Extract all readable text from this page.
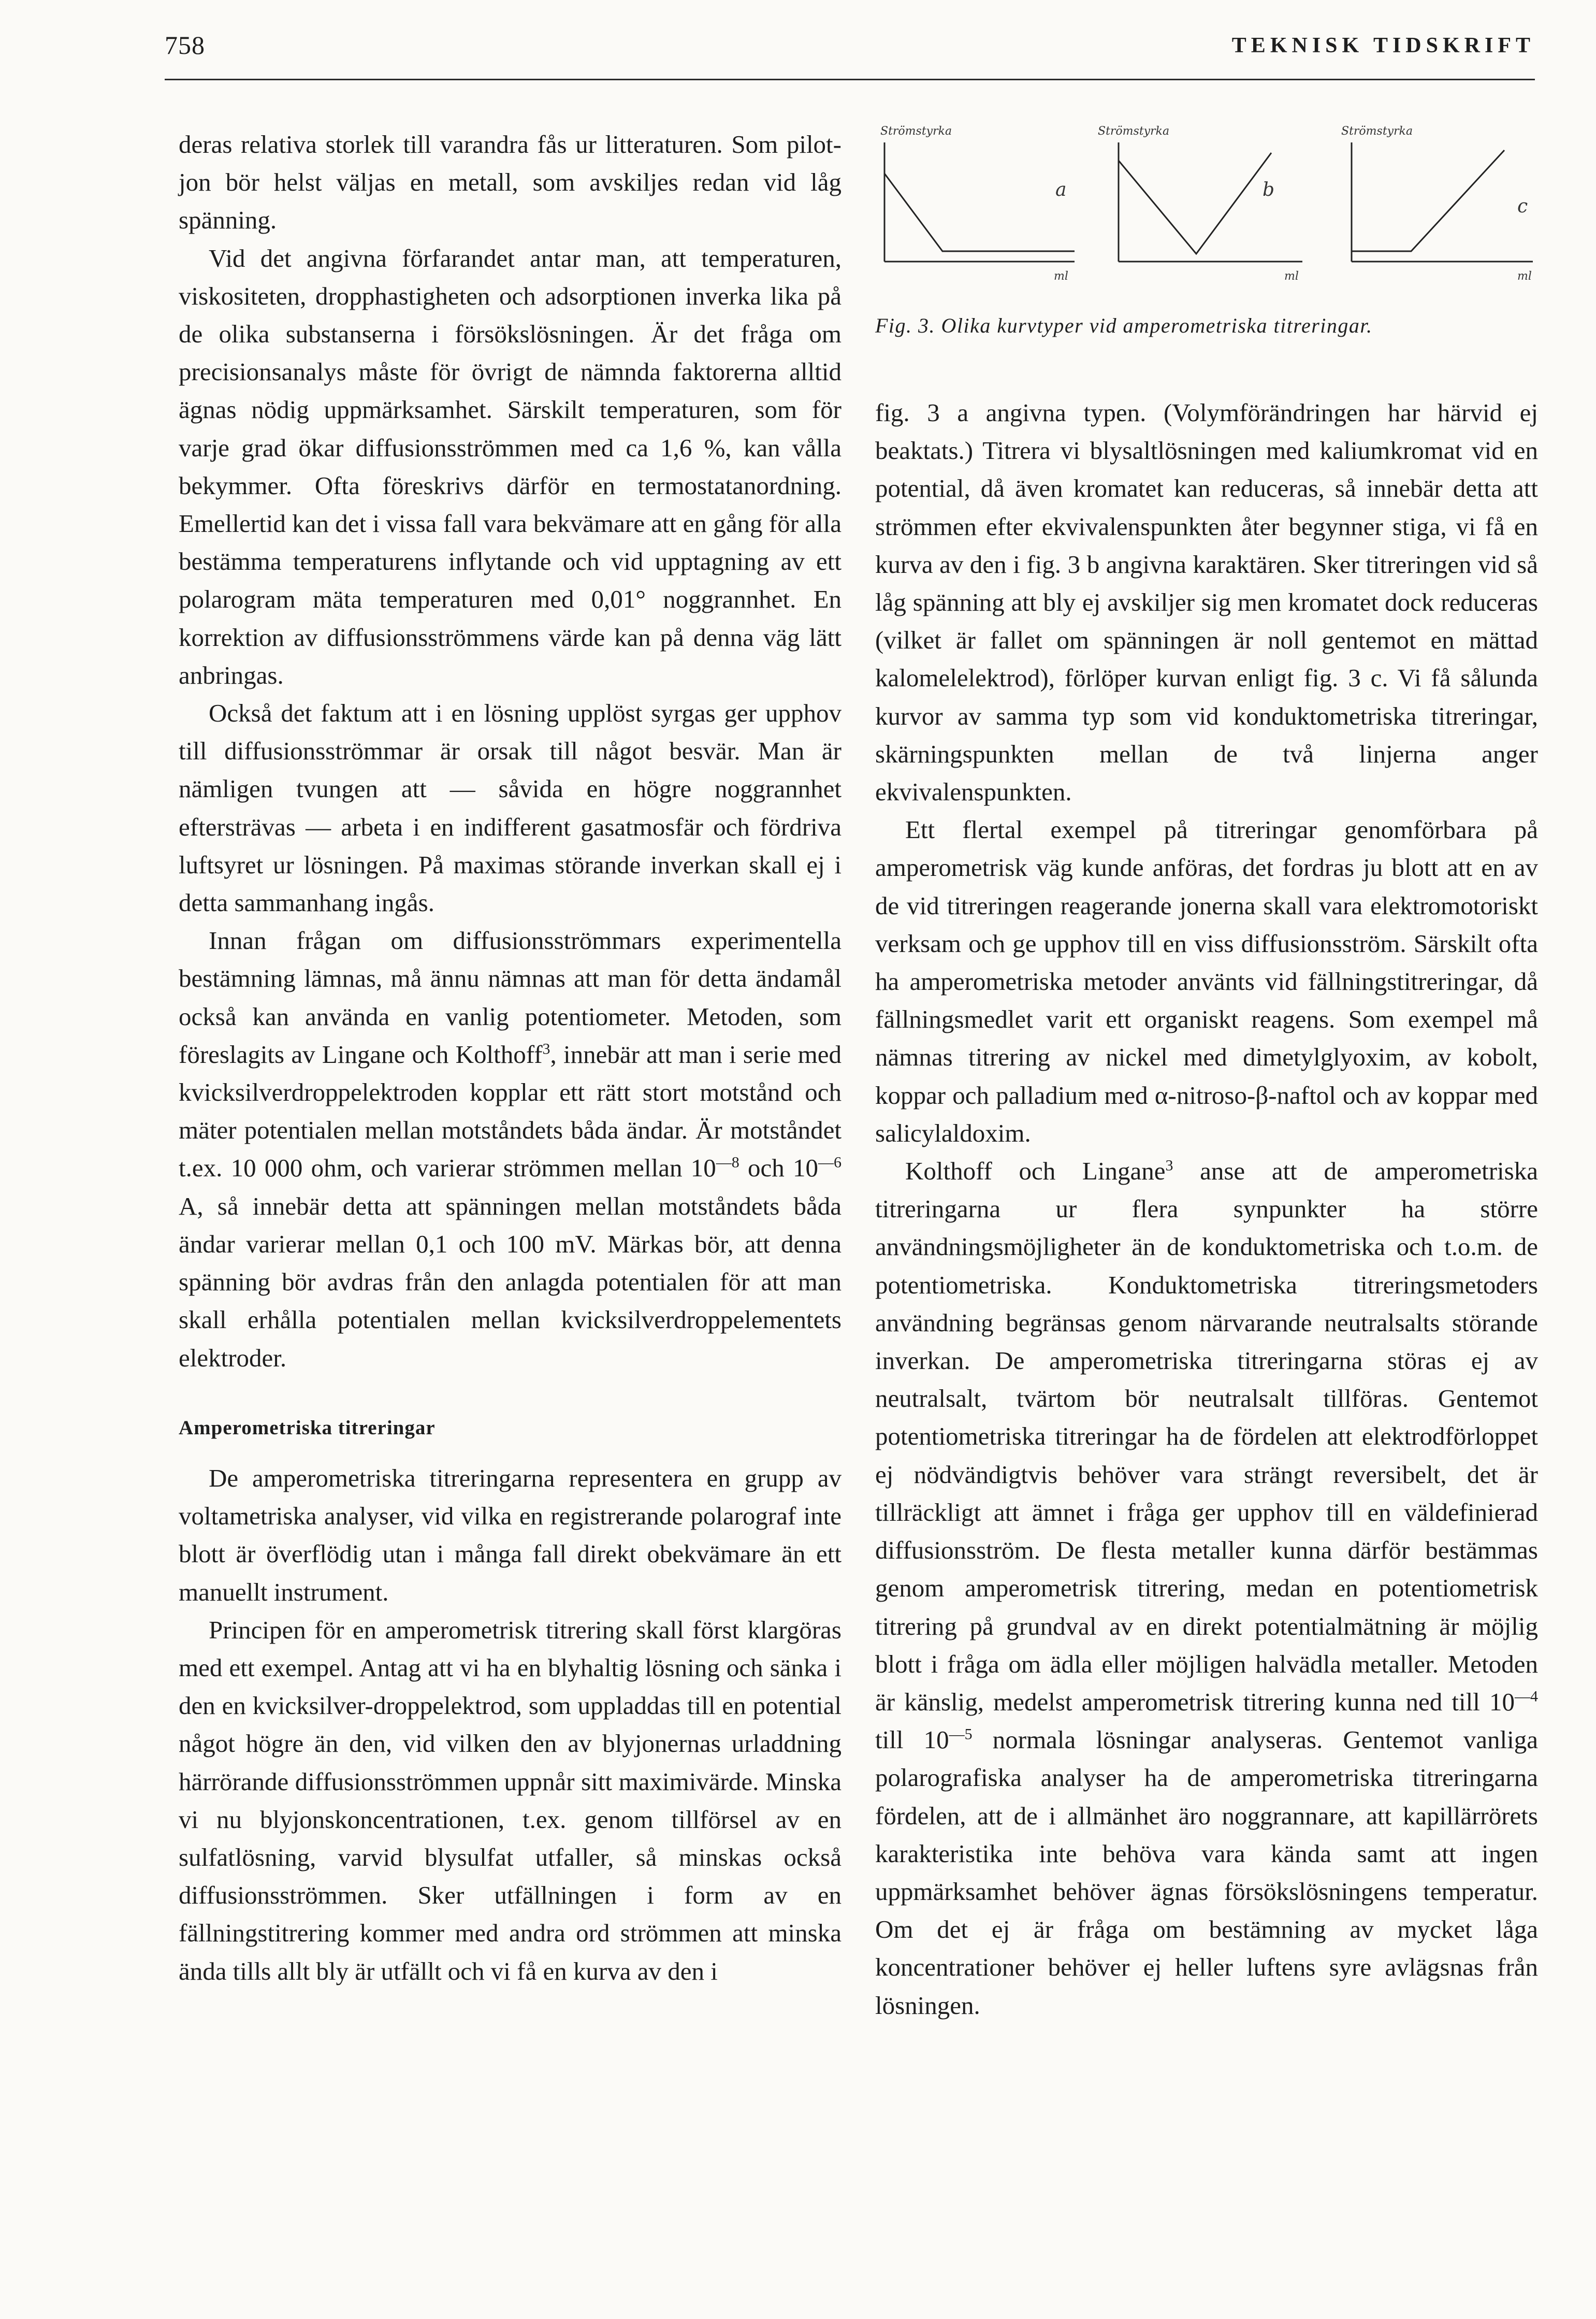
758	TEKNISK TIDSKRIFT
Strömstyrka
a
ml
Strömstyrka
b
ml
Strömstyrka
c
ml
Fig. 3. Olika kurvtyper vid amperometriska titreringar.

deras relativa storlek till varandra fås ur litteraturen. Som pilot-jon bör helst väljas en metall, som avskiljes redan vid låg spänning.

Vid det angivna förfarandet antar man, att temperaturen, viskositeten, dropphastigheten och adsorptionen inverka lika på de olika substanserna i försökslösningen. Är det fråga om precisionsanalys måste för övrigt de nämnda faktorerna alltid ägnas nödig uppmärksamhet. Särskilt temperaturen, som för varje grad ökar diffusionsströmmen med ca 1,6 %, kan vålla bekymmer. Ofta föreskrivs därför en termostatanordning. Emellertid kan det i vissa fall vara bekvämare att en gång för alla bestämma temperaturens inflytande och vid upptagning av ett polarogram mäta temperaturen med 0,01° noggrannhet. En korrektion av diffusionsströmmens värde kan på denna väg lätt anbringas.

Också det faktum att i en lösning upplöst syrgas ger upphov till diffusionsströmmar är orsak till något besvär. Man är nämligen tvungen att — såvida en högre noggrannhet eftersträvas — arbeta i en indifferent gasatmosfär och fördriva luftsyret ur lösningen. På maximas störande inverkan skall ej i detta sammanhang ingås.

Innan frågan om diffusionsströmmars experimentella bestämning lämnas, må ännu nämnas att man för detta ändamål också kan använda en vanlig potentiometer. Metoden, som föreslagits av Lingane och Kolthoff$^3$, innebär att man i serie med kvicksilverdroppelektroden kopplar ett rätt stort motstånd och mäter potentialen mellan motståndets båda ändar. Är motståndet t.ex. 10 000 ohm, och varierar strömmen mellan $10^{—8}$ och $10^{—6}$ A, så innebär detta att spänningen mellan motståndets båda ändar varierar mellan 0,1 och 100 mV. Märkas bör, att denna spänning bör avdras från den anlagda potentialen för att man skall erhålla potentialen mellan kvicksilverdroppelementets elektroder.

Amperometriska titreringar

De amperometriska titreringarna representera en grupp av voltametriska analyser, vid vilka en registrerande polarograf inte blott är överflödig utan i många fall direkt obekvämare än ett manuellt instrument.

Principen för en amperometrisk titrering skall först klargöras med ett exempel. Antag att vi ha en blyhaltig lösning och sänka i den en kvicksilver-droppelektrod, som uppladdas till en potential något högre än den, vid vilken den av blyjonernas urladdning härrörande diffusionsströmmen uppnår sitt maximivärde. Minska vi nu blyjonskoncentrationen, t.ex. genom tillförsel av en sulfatlösning, varvid blysulfat utfaller, så minskas också diffusionsströmmen. Sker utfällningen i form av en fällningstitrering kommer med andra ord strömmen att minska ända tills allt bly är utfällt och vi få en kurva av den i

fig. 3 a angivna typen. (Volymförändringen har härvid ej beaktats.) Titrera vi blysaltlösningen med kaliumkromat vid en potential, då även kromatet kan reduceras, så innebär detta att strömmen efter ekvivalenspunkten åter begynner stiga, vi få en kurva av den i fig. 3 b angivna karaktären. Sker titreringen vid så låg spänning att bly ej avskiljer sig men kromatet dock reduceras (vilket är fallet om spänningen är noll gentemot en mättad kalomelelektrod), förlöper kurvan enligt fig. 3 c. Vi få sålunda kurvor av samma typ som vid konduktometriska titreringar, skärningspunkten mellan de två linjerna anger ekvivalenspunkten.

Ett flertal exempel på titreringar genomförbara på amperometrisk väg kunde anföras, det fordras ju blott att en av de vid titreringen reagerande jonerna skall vara elektromotoriskt verksam och ge upphov till en viss diffusionsström. Särskilt ofta ha amperometriska metoder använts vid fällningstitreringar, då fällningsmedlet varit ett organiskt reagens. Som exempel må nämnas titrering av nickel med dimetylglyoxim, av kobolt, koppar och palladium med α-nitroso-β-naftol och av koppar med salicylaldoxim.

Kolthoff och Lingane$^3$ anse att de amperometriska titreringarna ur flera synpunkter ha större användningsmöjligheter än de konduktometriska och t.o.m. de potentiometriska. Konduktometriska titreringsmetoders användning begränsas genom närvarande neutralsalts störande inverkan. De amperometriska titreringarna störas ej av neutralsalt, tvärtom bör neutralsalt tillföras. Gentemot potentiometriska titreringar ha de fördelen att elektrodförloppet ej nödvändigtvis behöver vara strängt reversibelt, det är tillräckligt att ämnet i fråga ger upphov till en väldefinierad diffusionsström. De flesta metaller kunna därför bestämmas genom amperometrisk titrering, medan en potentiometrisk titrering på grundval av en direkt potentialmätning är möjlig blott i fråga om ädla eller möjligen halvädla metaller. Metoden är känslig, medelst amperometrisk titrering kunna ned till $10^{—4}$ till $10^{—5}$ normala lösningar analyseras. Gentemot vanliga polarografiska analyser ha de amperometriska titreringarna fördelen, att de i allmänhet äro noggrannare, att kapillärrörets karakteristika inte behöva vara kända samt att ingen uppmärksamhet behöver ägnas försökslösningens temperatur. Om det ej är fråga om bestämning av mycket låga koncentrationer behöver ej heller luftens syre avlägsnas från lösningen.
